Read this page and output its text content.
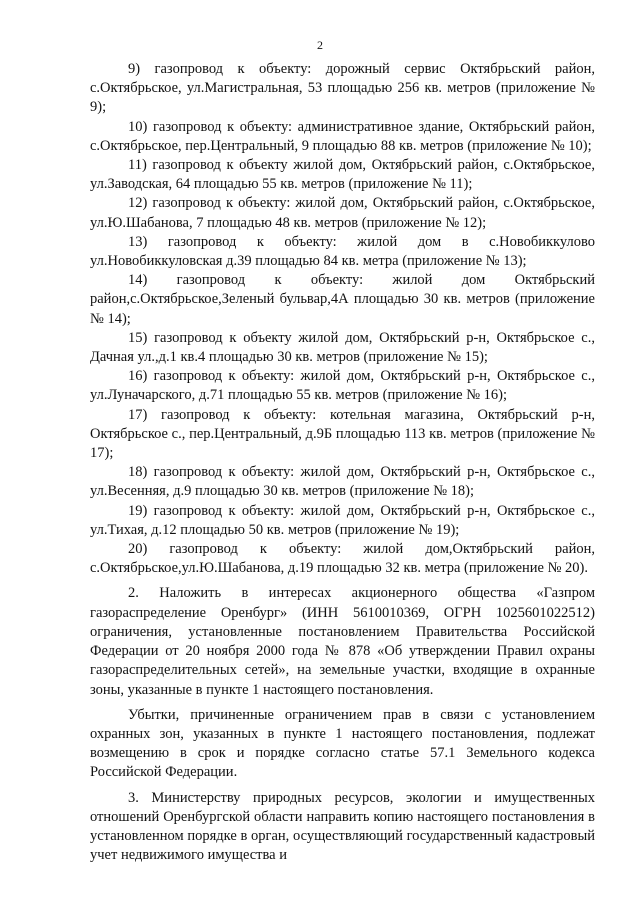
2

9) газопровод к объекту: дорожный сервис Октябрьский район, с.Октябрьское, ул.Магистральная, 53 площадью 256 кв. метров (приложение № 9);

10) газопровод к объекту: административное здание, Октябрьский район, с.Октябрьское, пер.Центральный, 9 площадью 88 кв. метров (приложение № 10);

11) газопровод к объекту жилой дом, Октябрьский район, с.Октябрьское, ул.Заводская, 64 площадью 55 кв. метров (приложение № 11);

12) газопровод к объекту: жилой дом, Октябрьский район, с.Октябрьское, ул.Ю.Шабанова, 7 площадью 48 кв. метров (приложение № 12);

13) газопровод к объекту: жилой дом в с.Новобиккулово ул.Новобиккуловская д.39 площадью 84 кв. метра (приложение № 13);

14) газопровод к объекту: жилой дом Октябрьский район,с.Октябрьское,Зеленый бульвар,4А площадью 30 кв. метров (приложение № 14);

15) газопровод к объекту жилой дом, Октябрьский р-н, Октябрьское с., Дачная ул.,д.1 кв.4 площадью 30 кв. метров (приложение № 15);

16) газопровод к объекту: жилой дом, Октябрьский р-н, Октябрьское с., ул.Луначарского, д.71 площадью 55 кв. метров (приложение № 16);

17) газопровод к объекту: котельная магазина, Октябрьский р-н, Октябрьское с., пер.Центральный, д.9Б площадью 113 кв. метров (приложение № 17);

18) газопровод к объекту: жилой дом, Октябрьский р-н, Октябрьское с., ул.Весенняя, д.9 площадью 30 кв. метров (приложение № 18);

19) газопровод к объекту: жилой дом, Октябрьский р-н, Октябрьское с., ул.Тихая, д.12 площадью 50 кв. метров (приложение № 19);

20) газопровод к объекту: жилой дом,Октябрьский район, с.Октябрьское,ул.Ю.Шабанова, д.19 площадью 32 кв. метра (приложение № 20).

2. Наложить в интересах акционерного общества «Газпром газораспределение Оренбург» (ИНН 5610010369, ОГРН 1025601022512) ограничения, установленные постановлением Правительства Российской Федерации от 20 ноября 2000 года № 878 «Об утверждении Правил охраны газораспределительных сетей», на земельные участки, входящие в охранные зоны, указанные в пункте 1 настоящего постановления.

Убытки, причиненные ограничением прав в связи с установлением охранных зон, указанных в пункте 1 настоящего постановления, подлежат возмещению в срок и порядке согласно статье 57.1 Земельного кодекса Российской Федерации.

3. Министерству природных ресурсов, экологии и имущественных отношений Оренбургской области направить копию настоящего постановления в установленном порядке в орган, осуществляющий государственный кадастровый учет недвижимого имущества и
